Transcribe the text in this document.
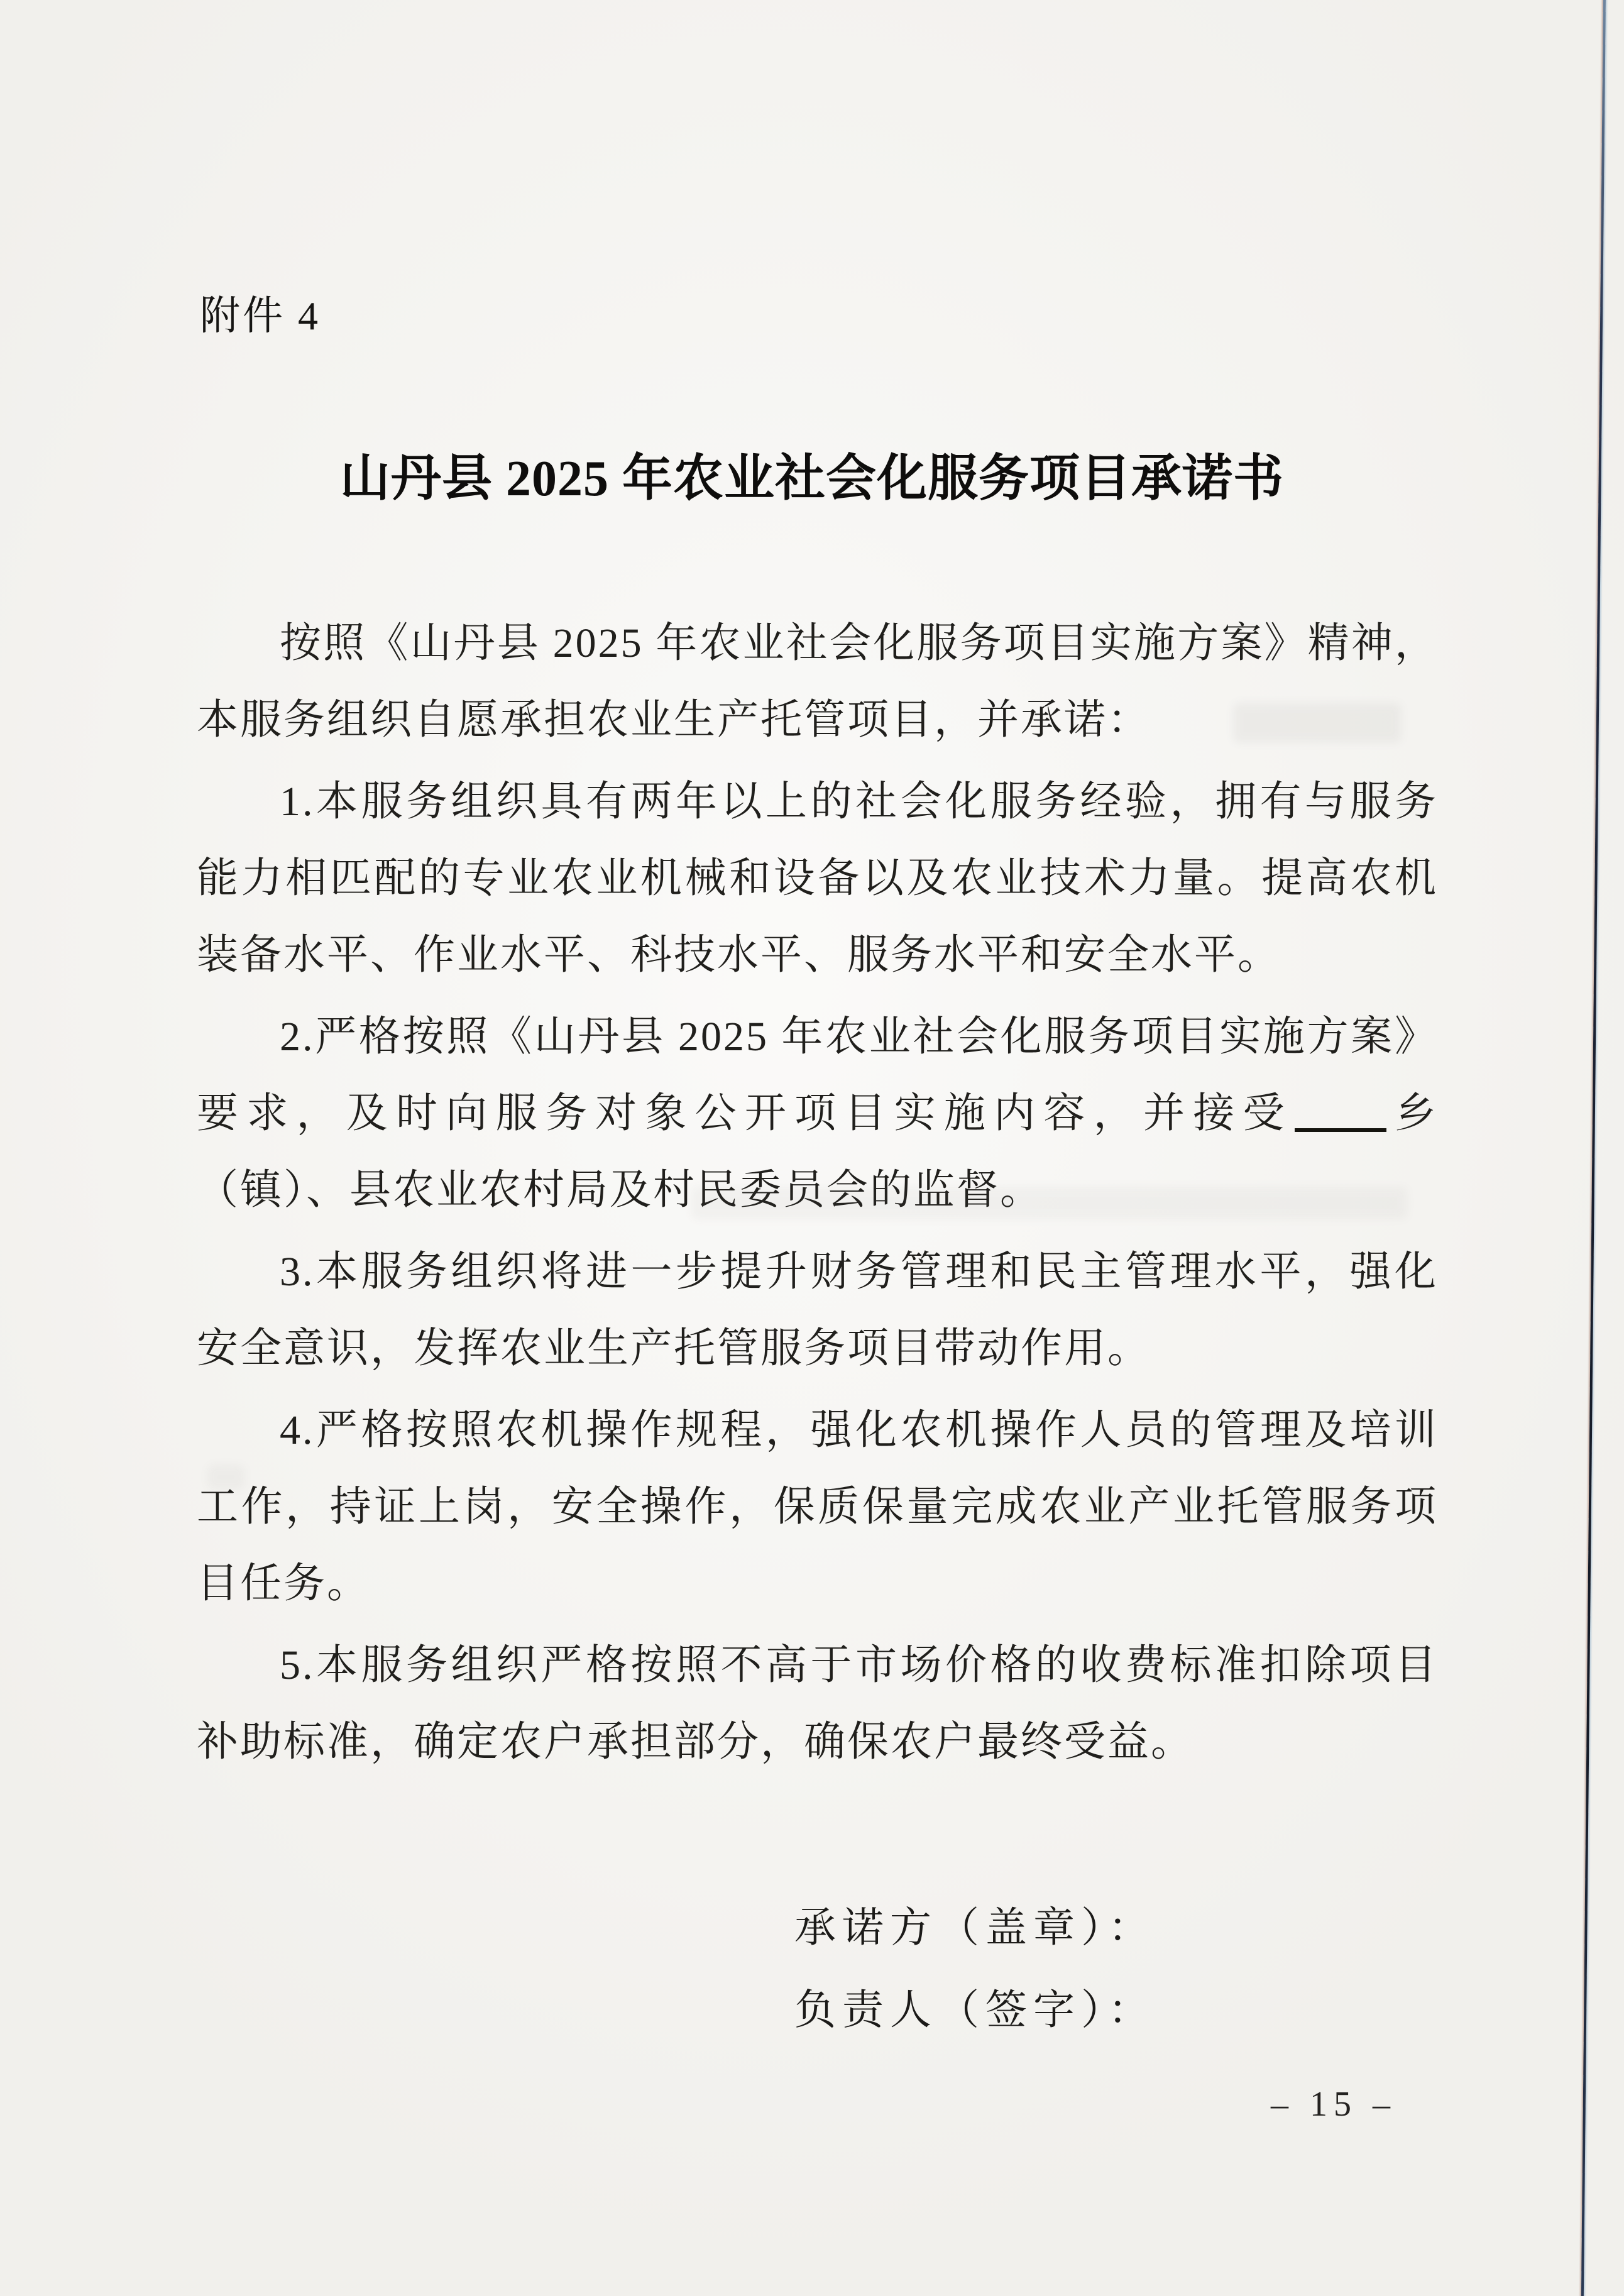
附件 4
山丹县 2025 年农业社会化服务项目承诺书

按照《山丹县 2025 年农业社会化服务项目实施方案》精神，本服务组织自愿承担农业生产托管项目，并承诺：

1.本服务组织具有两年以上的社会化服务经验，拥有与服务能力相匹配的专业农业机械和设备以及农业技术力量。提高农机装备水平、作业水平、科技水平、服务水平和安全水平。

2.严格按照《山丹县 2025 年农业社会化服务项目实施方案》要求，及时向服务对象公开项目实施内容，并接受 乡（镇）、县农业农村局及村民委员会的监督。

3.本服务组织将进一步提升财务管理和民主管理水平，强化安全意识，发挥农业生产托管服务项目带动作用。

4.严格按照农机操作规程，强化农机操作人员的管理及培训工作，持证上岗，安全操作，保质保量完成农业产业托管服务项目任务。

5.本服务组织严格按照不高于市场价格的收费标准扣除项目补助标准，确定农户承担部分，确保农户最终受益。

承诺方（盖章）：
负责人（签字）：
– 15 –
